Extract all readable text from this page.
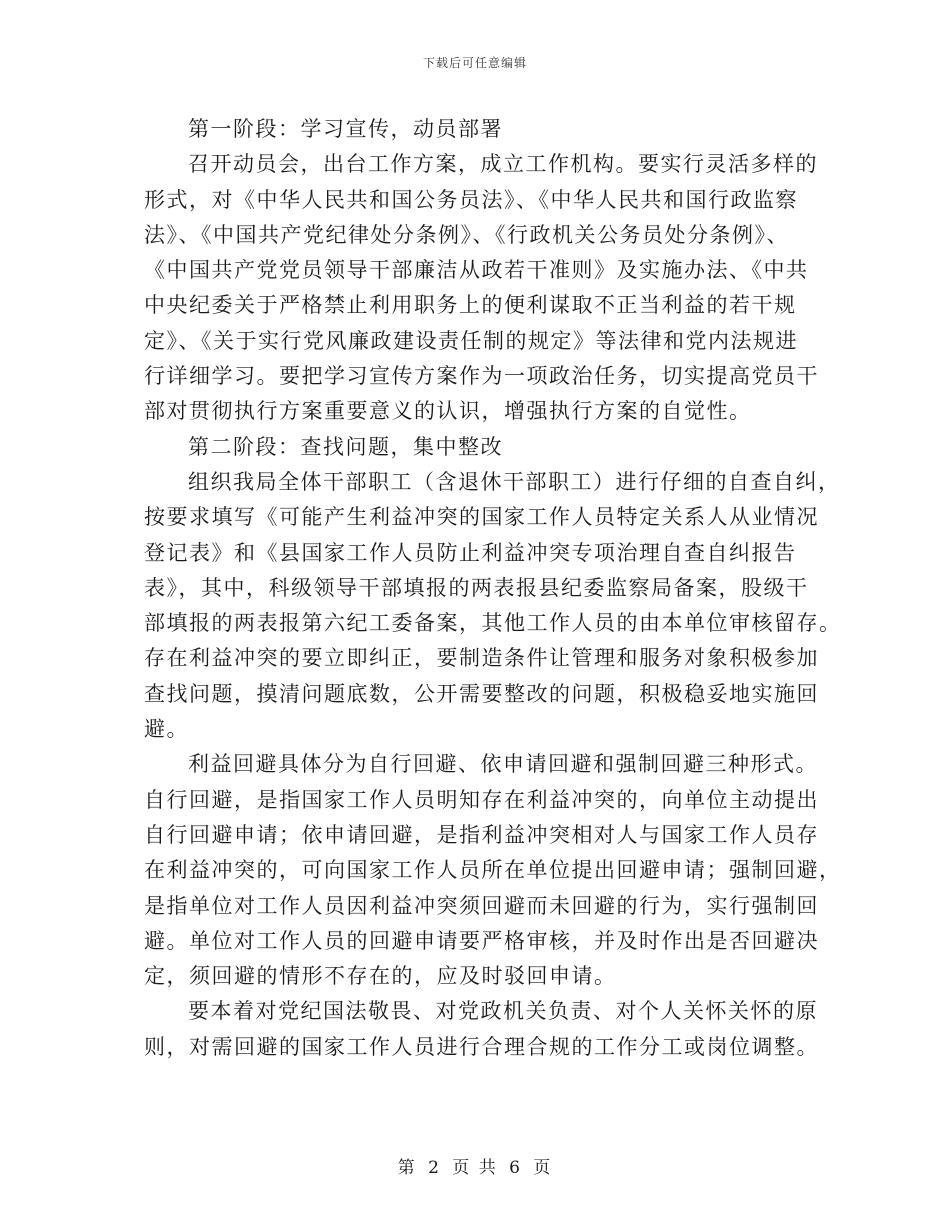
下载后可任意编辑
第一阶段：学习宣传，动员部署
召开动员会，出台工作方案，成立工作机构。要实行灵活多样的
形式，对《中华人民共和国公务员法》、《中华人民共和国行政监察
法》、《中国共产党纪律处分条例》、《行政机关公务员处分条例》、
《中国共产党党员领导干部廉洁从政若干准则》及实施办法、《中共
中央纪委关于严格禁止利用职务上的便利谋取不正当利益的若干规
定》、《关于实行党风廉政建设责任制的规定》等法律和党内法规进
行详细学习。要把学习宣传方案作为一项政治任务，切实提高党员干
部对贯彻执行方案重要意义的认识，增强执行方案的自觉性。
第二阶段：查找问题，集中整改
组织我局全体干部职工（含退休干部职工）进行仔细的自查自纠，
按要求填写《可能产生利益冲突的国家工作人员特定关系人从业情况
登记表》和《县国家工作人员防止利益冲突专项治理自查自纠报告
表》，其中，科级领导干部填报的两表报县纪委监察局备案，股级干
部填报的两表报第六纪工委备案，其他工作人员的由本单位审核留存。
存在利益冲突的要立即纠正，要制造条件让管理和服务对象积极参加
查找问题，摸清问题底数，公开需要整改的问题，积极稳妥地实施回
避。
利益回避具体分为自行回避、依申请回避和强制回避三种形式。
自行回避，是指国家工作人员明知存在利益冲突的，向单位主动提出
自行回避申请；依申请回避，是指利益冲突相对人与国家工作人员存
在利益冲突的，可向国家工作人员所在单位提出回避申请；强制回避，
是指单位对工作人员因利益冲突须回避而未回避的行为，实行强制回
避。单位对工作人员的回避申请要严格审核，并及时作出是否回避决
定，须回避的情形不存在的，应及时驳回申请。
要本着对党纪国法敬畏、对党政机关负责、对个人关怀关怀的原
则，对需回避的国家工作人员进行合理合规的工作分工或岗位调整。
第 2 页 共 6 页
